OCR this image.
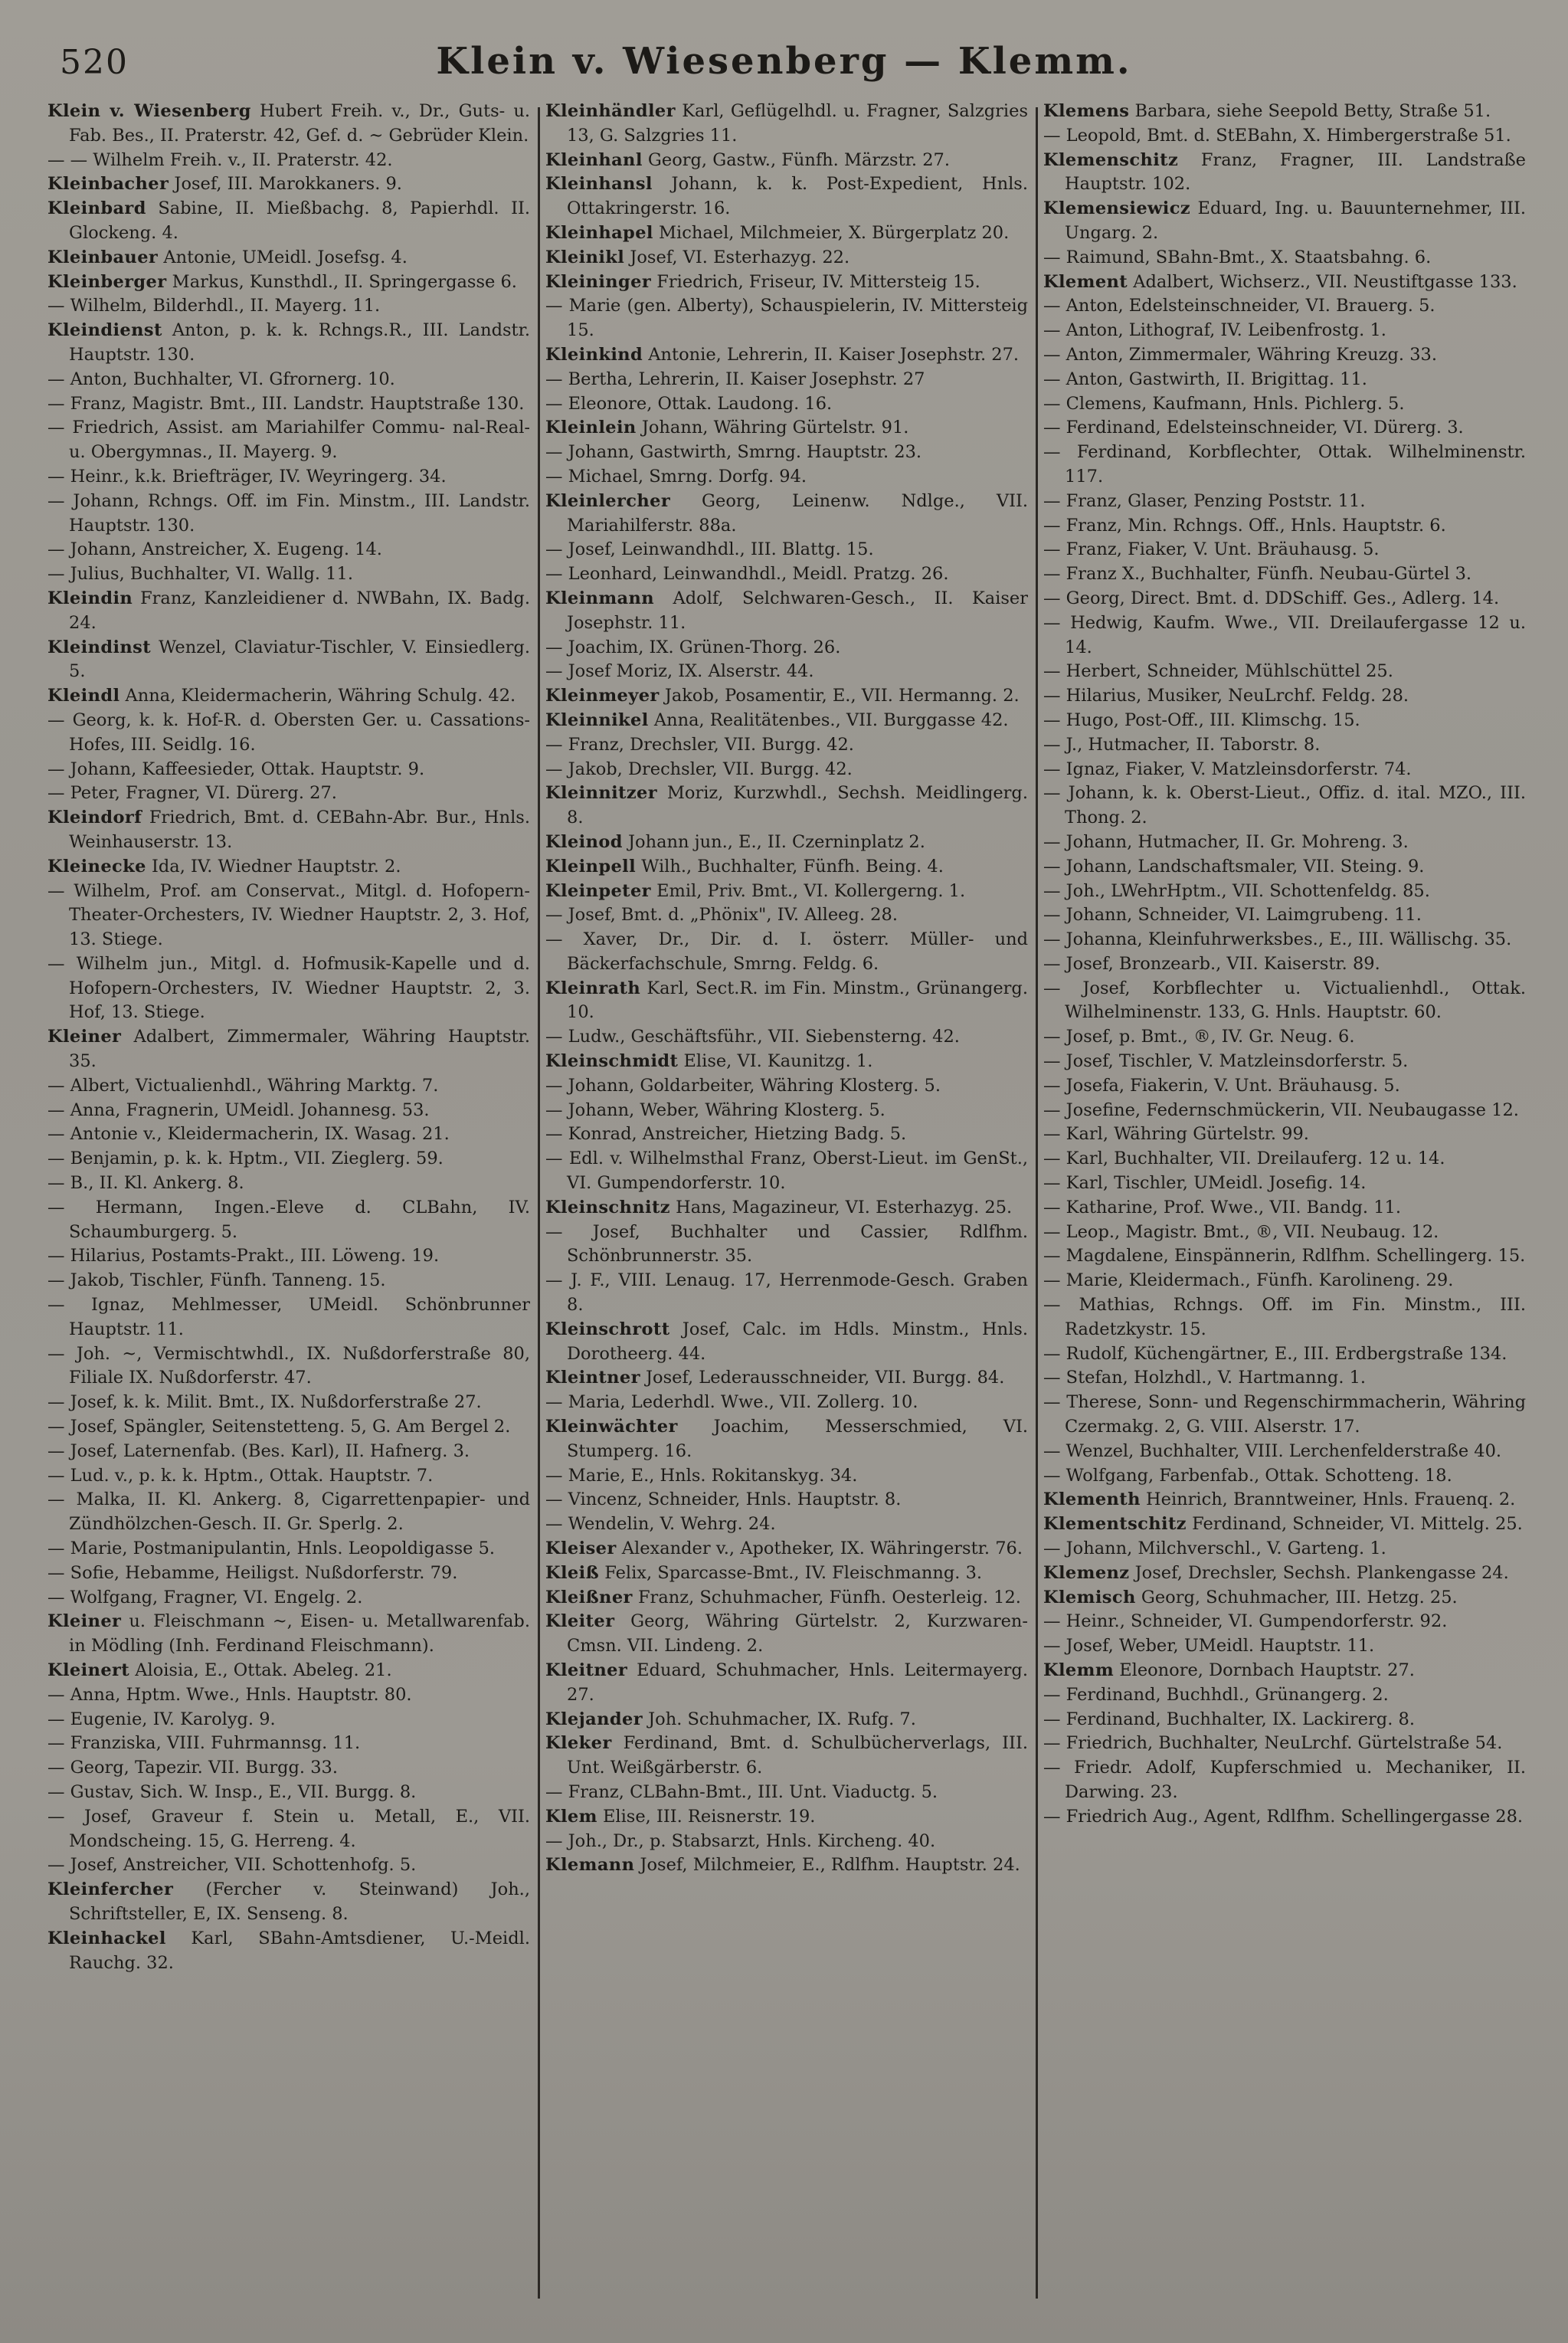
520	Klein v. Wiesenberg — Klemm.
Klein v. Wiesenberg Hubert Freih. v., Dr., Guts- u. Fab. Bes., II. Praterstr. 42, Gef. d. ~ Gebrüder Klein.
— — Wilhelm Freih. v., II. Praterstr. 42.
Kleinbacher Josef, III. Marokkaners. 9.
Kleinbard Sabine, II. Mießbachg. 8, Papierhdl. II. Glockeng. 4.
Kleinbauer Antonie, UMeidl. Josefsg. 4.
Kleinberger Markus, Kunsthdl., II. Springergasse 6.
— Wilhelm, Bilderhdl., II. Mayerg. 11.
Kleindienst Anton, p. k. k. Rchngs.R., III. Landstr. Hauptstr. 130.
— Anton, Buchhalter, VI. Gfrornerg. 10.
— Franz, Magistr. Bmt., III. Landstr. Hauptstraße 130.
— Friedrich, Assist. am Mariahilfer Commu- nal-Real- u. Obergymnas., II. Mayerg. 9.
— Heinr., k.k. Briefträger, IV. Weyringerg. 34.
— Johann, Rchngs. Off. im Fin. Minstm., III. Landstr. Hauptstr. 130.
— Johann, Anstreicher, X. Eugeng. 14.
— Julius, Buchhalter, VI. Wallg. 11.
Kleindin Franz, Kanzleidiener d. NWBahn, IX. Badg. 24.
Kleindinst Wenzel, Claviatur-Tischler, V. Einsiedlerg. 5.
Kleindl Anna, Kleidermacherin, Währing Schulg. 42.
— Georg, k. k. Hof-R. d. Obersten Ger. u. Cassations-Hofes, III. Seidlg. 16.
— Johann, Kaffeesieder, Ottak. Hauptstr. 9.
— Peter, Fragner, VI. Dürerg. 27.
Kleindorf Friedrich, Bmt. d. CEBahn-Abr. Bur., Hnls. Weinhauserstr. 13.
Kleinecke Ida, IV. Wiedner Hauptstr. 2.
— Wilhelm, Prof. am Conservat., Mitgl. d. Hofopern-Theater-Orchesters, IV. Wiedner Hauptstr. 2, 3. Hof, 13. Stiege.
— Wilhelm jun., Mitgl. d. Hofmusik-Kapelle und d. Hofopern-Orchesters, IV. Wiedner Hauptstr. 2, 3. Hof, 13. Stiege.
Kleiner Adalbert, Zimmermaler, Währing Hauptstr. 35.
— Albert, Victualienhdl., Währing Marktg. 7.
— Anna, Fragnerin, UMeidl. Johannesg. 53.
— Antonie v., Kleidermacherin, IX. Wasag. 21.
— Benjamin, p. k. k. Hptm., VII. Zieglerg. 59.
— B., II. Kl. Ankerg. 8.
— Hermann, Ingen.-Eleve d. CLBahn, IV. Schaumburgerg. 5.
— Hilarius, Postamts-Prakt., III. Löweng. 19.
— Jakob, Tischler, Fünfh. Tanneng. 15.
— Ignaz, Mehlmesser, UMeidl. Schönbrunner Hauptstr. 11.
— Joh. ~, Vermischtwhdl., IX. Nußdorferstraße 80, Filiale IX. Nußdorferstr. 47.
— Josef, k. k. Milit. Bmt., IX. Nußdorferstraße 27.
— Josef, Spängler, Seitenstetteng. 5, G. Am Bergel 2.
— Josef, Laternenfab. (Bes. Karl), II. Hafnerg. 3.
— Lud. v., p. k. k. Hptm., Ottak. Hauptstr. 7.
— Malka, II. Kl. Ankerg. 8, Cigarrettenpapier- und Zündhölzchen-Gesch. II. Gr. Sperlg. 2.
— Marie, Postmanipulantin, Hnls. Leopoldigasse 5.
— Sofie, Hebamme, Heiligst. Nußdorferstr. 79.
— Wolfgang, Fragner, VI. Engelg. 2.
Kleiner u. Fleischmann ~, Eisen- u. Metallwarenfab. in Mödling (Inh. Ferdinand Fleischmann).
Kleinert Aloisia, E., Ottak. Abeleg. 21.
— Anna, Hptm. Wwe., Hnls. Hauptstr. 80.
— Eugenie, IV. Karolyg. 9.
— Franziska, VIII. Fuhrmannsg. 11.
— Georg, Tapezir. VII. Burgg. 33.
— Gustav, Sich. W. Insp., E., VII. Burgg. 8.
— Josef, Graveur f. Stein u. Metall, E., VII. Mondscheing. 15, G. Herreng. 4.
— Josef, Anstreicher, VII. Schottenhofg. 5.
Kleinfercher (Fercher v. Steinwand) Joh., Schriftsteller, E, IX. Senseng. 8.
Kleinhackel Karl, SBahn-Amtsdiener, U.-Meidl. Rauchg. 32.
Kleinhändler Karl, Geflügelhdl. u. Fragner, Salzgries 13, G. Salzgries 11.
Kleinhanl Georg, Gastw., Fünfh. Märzstr. 27.
Kleinhansl Johann, k. k. Post-Expedient, Hnls. Ottakringerstr. 16.
Kleinhapel Michael, Milchmeier, X. Bürgerplatz 20.
Kleinikl Josef, VI. Esterhazyg. 22.
Kleininger Friedrich, Friseur, IV. Mittersteig 15.
— Marie (gen. Alberty), Schauspielerin, IV. Mittersteig 15.
Kleinkind Antonie, Lehrerin, II. Kaiser Josephstr. 27.
— Bertha, Lehrerin, II. Kaiser Josephstr. 27
— Eleonore, Ottak. Laudong. 16.
Kleinlein Johann, Währing Gürtelstr. 91.
— Johann, Gastwirth, Smrng. Hauptstr. 23.
— Michael, Smrng. Dorfg. 94.
Kleinlercher Georg, Leinenw. Ndlge., VII. Mariahilferstr. 88a.
— Josef, Leinwandhdl., III. Blattg. 15.
— Leonhard, Leinwandhdl., Meidl. Pratzg. 26.
Kleinmann Adolf, Selchwaren-Gesch., II. Kaiser Josephstr. 11.
— Joachim, IX. Grünen-Thorg. 26.
— Josef Moriz, IX. Alserstr. 44.
Kleinmeyer Jakob, Posamentir, E., VII. Hermanng. 2.
Kleinnikel Anna, Realitätenbes., VII. Burggasse 42.
— Franz, Drechsler, VII. Burgg. 42.
— Jakob, Drechsler, VII. Burgg. 42.
Kleinnitzer Moriz, Kurzwhdl., Sechsh. Meidlingerg. 8.
Kleinod Johann jun., E., II. Czerninplatz 2.
Kleinpell Wilh., Buchhalter, Fünfh. Being. 4.
Kleinpeter Emil, Priv. Bmt., VI. Kollergerng. 1.
— Josef, Bmt. d. „Phönix", IV. Alleeg. 28.
— Xaver, Dr., Dir. d. I. österr. Müller- und Bäckerfachschule, Smrng. Feldg. 6.
Kleinrath Karl, Sect.R. im Fin. Minstm., Grünangerg. 10.
— Ludw., Geschäftsführ., VII. Siebensterng. 42.
Kleinschmidt Elise, VI. Kaunitzg. 1.
— Johann, Goldarbeiter, Währing Klosterg. 5.
— Johann, Weber, Währing Klosterg. 5.
— Konrad, Anstreicher, Hietzing Badg. 5.
— Edl. v. Wilhelmsthal Franz, Oberst-Lieut. im GenSt., VI. Gumpendorferstr. 10.
Kleinschnitz Hans, Magazineur, VI. Esterhazyg. 25.
— Josef, Buchhalter und Cassier, Rdlfhm. Schönbrunnerstr. 35.
— J. F., VIII. Lenaug. 17, Herrenmode-Gesch. Graben 8.
Kleinschrott Josef, Calc. im Hdls. Minstm., Hnls. Dorotheerg. 44.
Kleintner Josef, Lederausschneider, VII. Burgg. 84.
— Maria, Lederhdl. Wwe., VII. Zollerg. 10.
Kleinwächter Joachim, Messerschmied, VI. Stumperg. 16.
— Marie, E., Hnls. Rokitanskyg. 34.
— Vincenz, Schneider, Hnls. Hauptstr. 8.
— Wendelin, V. Wehrg. 24.
Kleiser Alexander v., Apotheker, IX. Währingerstr. 76.
Kleiß Felix, Sparcasse-Bmt., IV. Fleischmanng. 3.
Kleißner Franz, Schuhmacher, Fünfh. Oesterleig. 12.
Kleiter Georg, Währing Gürtelstr. 2, Kurzwaren-Cmsn. VII. Lindeng. 2.
Kleitner Eduard, Schuhmacher, Hnls. Leitermayerg. 27.
Klejander Joh. Schuhmacher, IX. Rufg. 7.
Kleker Ferdinand, Bmt. d. Schulbücherverlags, III. Unt. Weißgärberstr. 6.
— Franz, CLBahn-Bmt., III. Unt. Viaductg. 5.
Klem Elise, III. Reisnerstr. 19.
— Joh., Dr., p. Stabsarzt, Hnls. Kircheng. 40.
Klemann Josef, Milchmeier, E., Rdlfhm. Hauptstr. 24.
Klemens Barbara, siehe Seepold Betty, Straße 51.
— Leopold, Bmt. d. StEBahn, X. Himbergerstraße 51.
Klemenschitz Franz, Fragner, III. Landstraße Hauptstr. 102.
Klemensiewicz Eduard, Ing. u. Bauunternehmer, III. Ungarg. 2.
— Raimund, SBahn-Bmt., X. Staatsbahng. 6.
Klement Adalbert, Wichserz., VII. Neustiftgasse 133.
— Anton, Edelsteinschneider, VI. Brauerg. 5.
— Anton, Lithograf, IV. Leibenfrostg. 1.
— Anton, Zimmermaler, Währing Kreuzg. 33.
— Anton, Gastwirth, II. Brigittag. 11.
— Clemens, Kaufmann, Hnls. Pichlerg. 5.
— Ferdinand, Edelsteinschneider, VI. Dürerg. 3.
— Ferdinand, Korbflechter, Ottak. Wilhelminenstr. 117.
— Franz, Glaser, Penzing Poststr. 11.
— Franz, Min. Rchngs. Off., Hnls. Hauptstr. 6.
— Franz, Fiaker, V. Unt. Bräuhausg. 5.
— Franz X., Buchhalter, Fünfh. Neubau-Gürtel 3.
— Georg, Direct. Bmt. d. DDSchiff. Ges., Adlerg. 14.
— Hedwig, Kaufm. Wwe., VII. Dreilaufergasse 12 u. 14.
— Herbert, Schneider, Mühlschüttel 25.
— Hilarius, Musiker, NeuLrchf. Feldg. 28.
— Hugo, Post-Off., III. Klimschg. 15.
— J., Hutmacher, II. Taborstr. 8.
— Ignaz, Fiaker, V. Matzleinsdorferstr. 74.
— Johann, k. k. Oberst-Lieut., Offiz. d. ital. MZO., III. Thong. 2.
— Johann, Hutmacher, II. Gr. Mohreng. 3.
— Johann, Landschaftsmaler, VII. Steing. 9.
— Joh., LWehrHptm., VII. Schottenfeldg. 85.
— Johann, Schneider, VI. Laimgrubeng. 11.
— Johanna, Kleinfuhrwerksbes., E., III. Wällischg. 35.
— Josef, Bronzearb., VII. Kaiserstr. 89.
— Josef, Korbflechter u. Victualienhdl., Ottak. Wilhelminenstr. 133, G. Hnls. Hauptstr. 60.
— Josef, p. Bmt., ®, IV. Gr. Neug. 6.
— Josef, Tischler, V. Matzleinsdorferstr. 5.
— Josefa, Fiakerin, V. Unt. Bräuhausg. 5.
— Josefine, Federnschmückerin, VII. Neubaugasse 12.
— Karl, Währing Gürtelstr. 99.
— Karl, Buchhalter, VII. Dreilauferg. 12 u. 14.
— Karl, Tischler, UMeidl. Josefig. 14.
— Katharine, Prof. Wwe., VII. Bandg. 11.
— Leop., Magistr. Bmt., ®, VII. Neubaug. 12.
— Magdalene, Einspännerin, Rdlfhm. Schellingerg. 15.
— Marie, Kleidermach., Fünfh. Karolineng. 29.
— Mathias, Rchngs. Off. im Fin. Minstm., III. Radetzkystr. 15.
— Rudolf, Küchengärtner, E., III. Erdbergstraße 134.
— Stefan, Holzhdl., V. Hartmanng. 1.
— Therese, Sonn- und Regenschirmmacherin, Währing Czermakg. 2, G. VIII. Alserstr. 17.
— Wenzel, Buchhalter, VIII. Lerchenfelderstraße 40.
— Wolfgang, Farbenfab., Ottak. Schotteng. 18.
Klementh Heinrich, Branntweiner, Hnls. Frauenq. 2.
Klementschitz Ferdinand, Schneider, VI. Mittelg. 25.
— Johann, Milchverschl., V. Garteng. 1.
Klemenz Josef, Drechsler, Sechsh. Plankengasse 24.
Klemisch Georg, Schuhmacher, III. Hetzg. 25.
— Heinr., Schneider, VI. Gumpendorferstr. 92.
— Josef, Weber, UMeidl. Hauptstr. 11.
Klemm Eleonore, Dornbach Hauptstr. 27.
— Ferdinand, Buchhdl., Grünangerg. 2.
— Ferdinand, Buchhalter, IX. Lackirerg. 8.
— Friedrich, Buchhalter, NeuLrchf. Gürtelstraße 54.
— Friedr. Adolf, Kupferschmied u. Mechaniker, II. Darwing. 23.
— Friedrich Aug., Agent, Rdlfhm. Schellingergasse 28.
